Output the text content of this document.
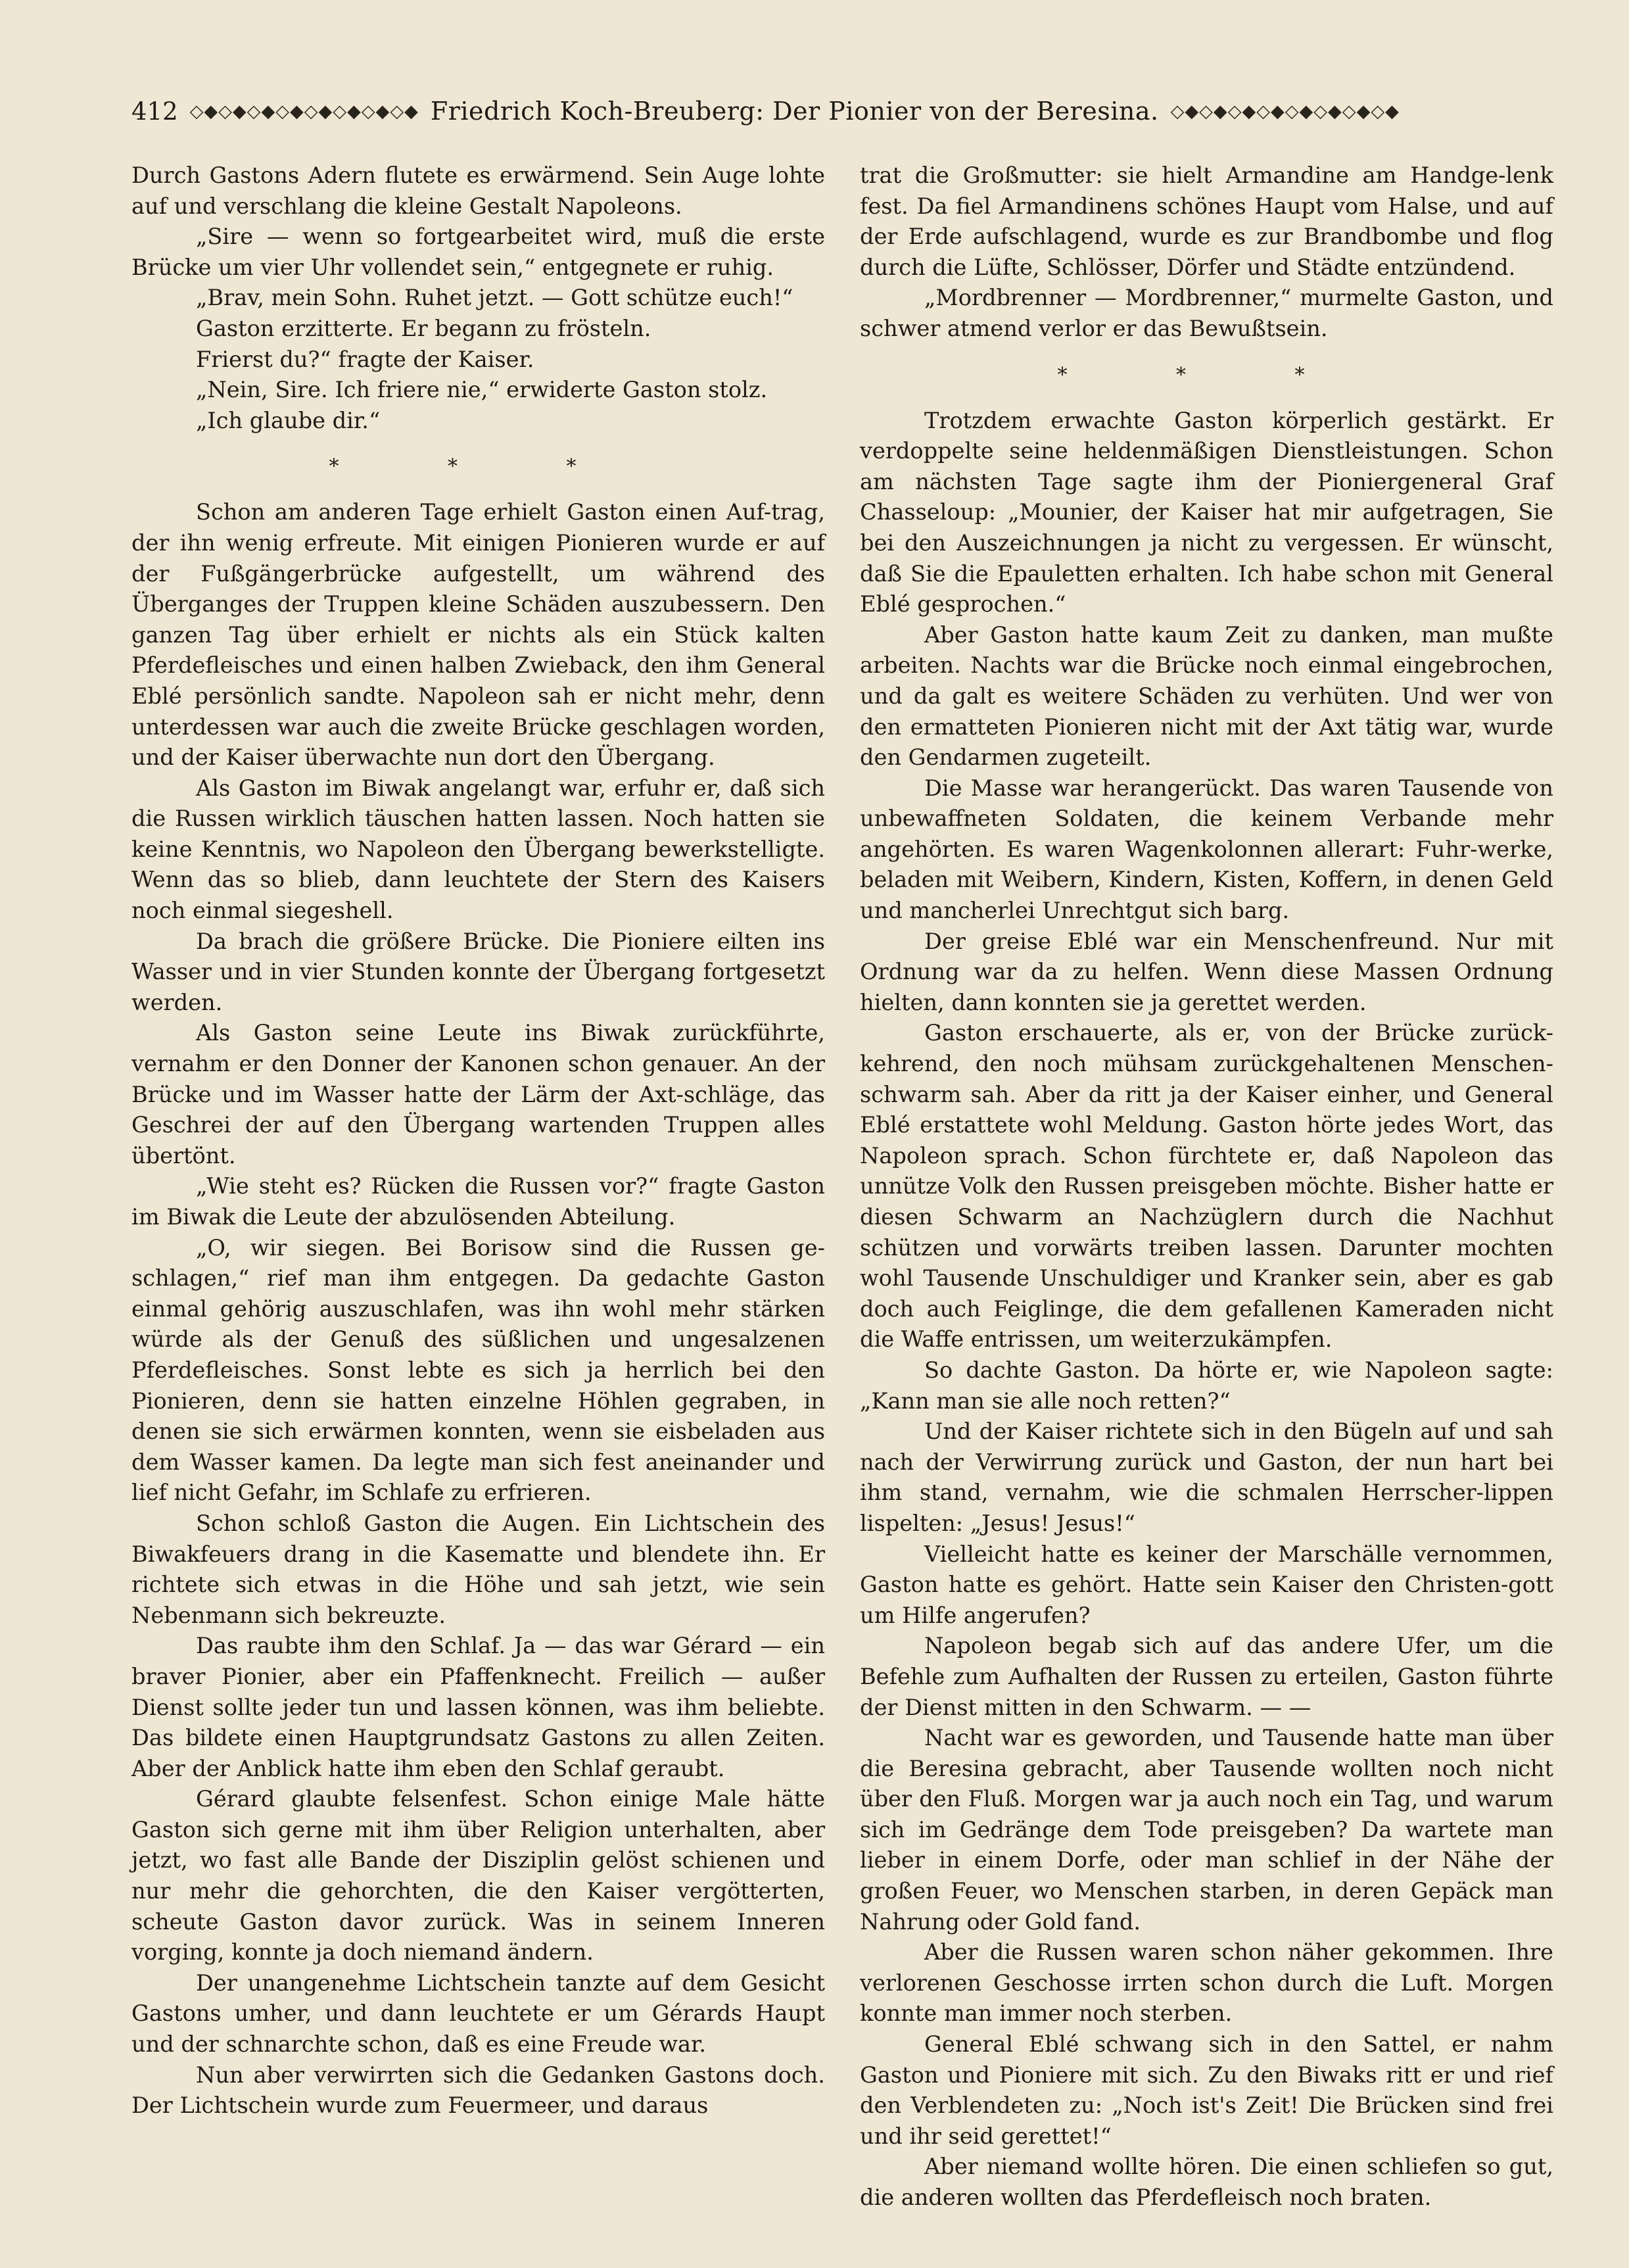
412 ◇◆◇◆◇◆◇◆◇◆◇◆◇◆◇◆ Friedrich Koch-Breuberg: Der Pionier von der Beresina. ◇◆◇◆◇◆◇◆◇◆◇◆◇◆◇◆

Durch Gastons Adern flutete es erwärmend. Sein Auge lohte auf und verschlang die kleine Gestalt Napoleons.

„Sire — wenn so fortgearbeitet wird, muß die erste Brücke um vier Uhr vollendet sein,“ entgegnete er ruhig.

„Brav, mein Sohn. Ruhet jetzt. — Gott schütze euch!“

Gaston erzitterte. Er begann zu frösteln.

Frierst du?“ fragte der Kaiser.

„Nein, Sire. Ich friere nie,“ erwiderte Gaston stolz.

„Ich glaube dir.“

* * *

Schon am anderen Tage erhielt Gaston einen Auf-trag, der ihn wenig erfreute. Mit einigen Pionieren wurde er auf der Fußgängerbrücke aufgestellt, um während des Überganges der Truppen kleine Schäden auszubessern. Den ganzen Tag über erhielt er nichts als ein Stück kalten Pferdefleisches und einen halben Zwieback, den ihm General Eblé persönlich sandte. Napoleon sah er nicht mehr, denn unterdessen war auch die zweite Brücke geschlagen worden, und der Kaiser überwachte nun dort den Übergang.

Als Gaston im Biwak angelangt war, erfuhr er, daß sich die Russen wirklich täuschen hatten lassen. Noch hatten sie keine Kenntnis, wo Napoleon den Übergang bewerkstelligte. Wenn das so blieb, dann leuchtete der Stern des Kaisers noch einmal siegeshell.

Da brach die größere Brücke. Die Pioniere eilten ins Wasser und in vier Stunden konnte der Übergang fortgesetzt werden.

Als Gaston seine Leute ins Biwak zurückführte, vernahm er den Donner der Kanonen schon genauer. An der Brücke und im Wasser hatte der Lärm der Axt-schläge, das Geschrei der auf den Übergang wartenden Truppen alles übertönt.

„Wie steht es? Rücken die Russen vor?“ fragte Gaston im Biwak die Leute der abzulösenden Abteilung.

„O, wir siegen. Bei Borisow sind die Russen ge-schlagen,“ rief man ihm entgegen. Da gedachte Gaston einmal gehörig auszuschlafen, was ihn wohl mehr stärken würde als der Genuß des süßlichen und ungesalzenen Pferdefleisches. Sonst lebte es sich ja herrlich bei den Pionieren, denn sie hatten einzelne Höhlen gegraben, in denen sie sich erwärmen konnten, wenn sie eisbeladen aus dem Wasser kamen. Da legte man sich fest aneinander und lief nicht Gefahr, im Schlafe zu erfrieren.

Schon schloß Gaston die Augen. Ein Lichtschein des Biwakfeuers drang in die Kasematte und blendete ihn. Er richtete sich etwas in die Höhe und sah jetzt, wie sein Nebenmann sich bekreuzte.

Das raubte ihm den Schlaf. Ja — das war Gérard — ein braver Pionier, aber ein Pfaffenknecht. Freilich — außer Dienst sollte jeder tun und lassen können, was ihm beliebte. Das bildete einen Hauptgrundsatz Gastons zu allen Zeiten. Aber der Anblick hatte ihm eben den Schlaf geraubt.

Gérard glaubte felsenfest. Schon einige Male hätte Gaston sich gerne mit ihm über Religion unterhalten, aber jetzt, wo fast alle Bande der Disziplin gelöst schienen und nur mehr die gehorchten, die den Kaiser vergötterten, scheute Gaston davor zurück. Was in seinem Inneren vorging, konnte ja doch niemand ändern.

Der unangenehme Lichtschein tanzte auf dem Gesicht Gastons umher, und dann leuchtete er um Gérards Haupt und der schnarchte schon, daß es eine Freude war.

Nun aber verwirrten sich die Gedanken Gastons doch. Der Lichtschein wurde zum Feuermeer, und daraus

trat die Großmutter: sie hielt Armandine am Handge-lenk fest. Da fiel Armandinens schönes Haupt vom Halse, und auf der Erde aufschlagend, wurde es zur Brandbombe und flog durch die Lüfte, Schlösser, Dörfer und Städte entzündend.

„Mordbrenner — Mordbrenner,“ murmelte Gaston, und schwer atmend verlor er das Bewußtsein.

* * *

Trotzdem erwachte Gaston körperlich gestärkt. Er verdoppelte seine heldenmäßigen Dienstleistungen. Schon am nächsten Tage sagte ihm der Pioniergeneral Graf Chasseloup: „Mounier, der Kaiser hat mir aufgetragen, Sie bei den Auszeichnungen ja nicht zu vergessen. Er wünscht, daß Sie die Epauletten erhalten. Ich habe schon mit General Eblé gesprochen.“

Aber Gaston hatte kaum Zeit zu danken, man mußte arbeiten. Nachts war die Brücke noch einmal eingebrochen, und da galt es weitere Schäden zu verhüten. Und wer von den ermatteten Pionieren nicht mit der Axt tätig war, wurde den Gendarmen zugeteilt.

Die Masse war herangerückt. Das waren Tausende von unbewaffneten Soldaten, die keinem Verbande mehr angehörten. Es waren Wagenkolonnen allerart: Fuhr-werke, beladen mit Weibern, Kindern, Kisten, Koffern, in denen Geld und mancherlei Unrechtgut sich barg.

Der greise Eblé war ein Menschenfreund. Nur mit Ordnung war da zu helfen. Wenn diese Massen Ordnung hielten, dann konnten sie ja gerettet werden.

Gaston erschauerte, als er, von der Brücke zurück-kehrend, den noch mühsam zurückgehaltenen Menschen-schwarm sah. Aber da ritt ja der Kaiser einher, und General Eblé erstattete wohl Meldung. Gaston hörte jedes Wort, das Napoleon sprach. Schon fürchtete er, daß Napoleon das unnütze Volk den Russen preisgeben möchte. Bisher hatte er diesen Schwarm an Nachzüglern durch die Nachhut schützen und vorwärts treiben lassen. Darunter mochten wohl Tausende Unschuldiger und Kranker sein, aber es gab doch auch Feiglinge, die dem gefallenen Kameraden nicht die Waffe entrissen, um weiterzukämpfen.

So dachte Gaston. Da hörte er, wie Napoleon sagte: „Kann man sie alle noch retten?“

Und der Kaiser richtete sich in den Bügeln auf und sah nach der Verwirrung zurück und Gaston, der nun hart bei ihm stand, vernahm, wie die schmalen Herrscher-lippen lispelten: „Jesus! Jesus!“

Vielleicht hatte es keiner der Marschälle vernommen, Gaston hatte es gehört. Hatte sein Kaiser den Christen-gott um Hilfe angerufen?

Napoleon begab sich auf das andere Ufer, um die Befehle zum Aufhalten der Russen zu erteilen, Gaston führte der Dienst mitten in den Schwarm. — —

Nacht war es geworden, und Tausende hatte man über die Beresina gebracht, aber Tausende wollten noch nicht über den Fluß. Morgen war ja auch noch ein Tag, und warum sich im Gedränge dem Tode preisgeben? Da wartete man lieber in einem Dorfe, oder man schlief in der Nähe der großen Feuer, wo Menschen starben, in deren Gepäck man Nahrung oder Gold fand.

Aber die Russen waren schon näher gekommen. Ihre verlorenen Geschosse irrten schon durch die Luft. Morgen konnte man immer noch sterben.

General Eblé schwang sich in den Sattel, er nahm Gaston und Pioniere mit sich. Zu den Biwaks ritt er und rief den Verblendeten zu: „Noch ist's Zeit! Die Brücken sind frei und ihr seid gerettet!“

Aber niemand wollte hören. Die einen schliefen so gut, die anderen wollten das Pferdefleisch noch braten.
